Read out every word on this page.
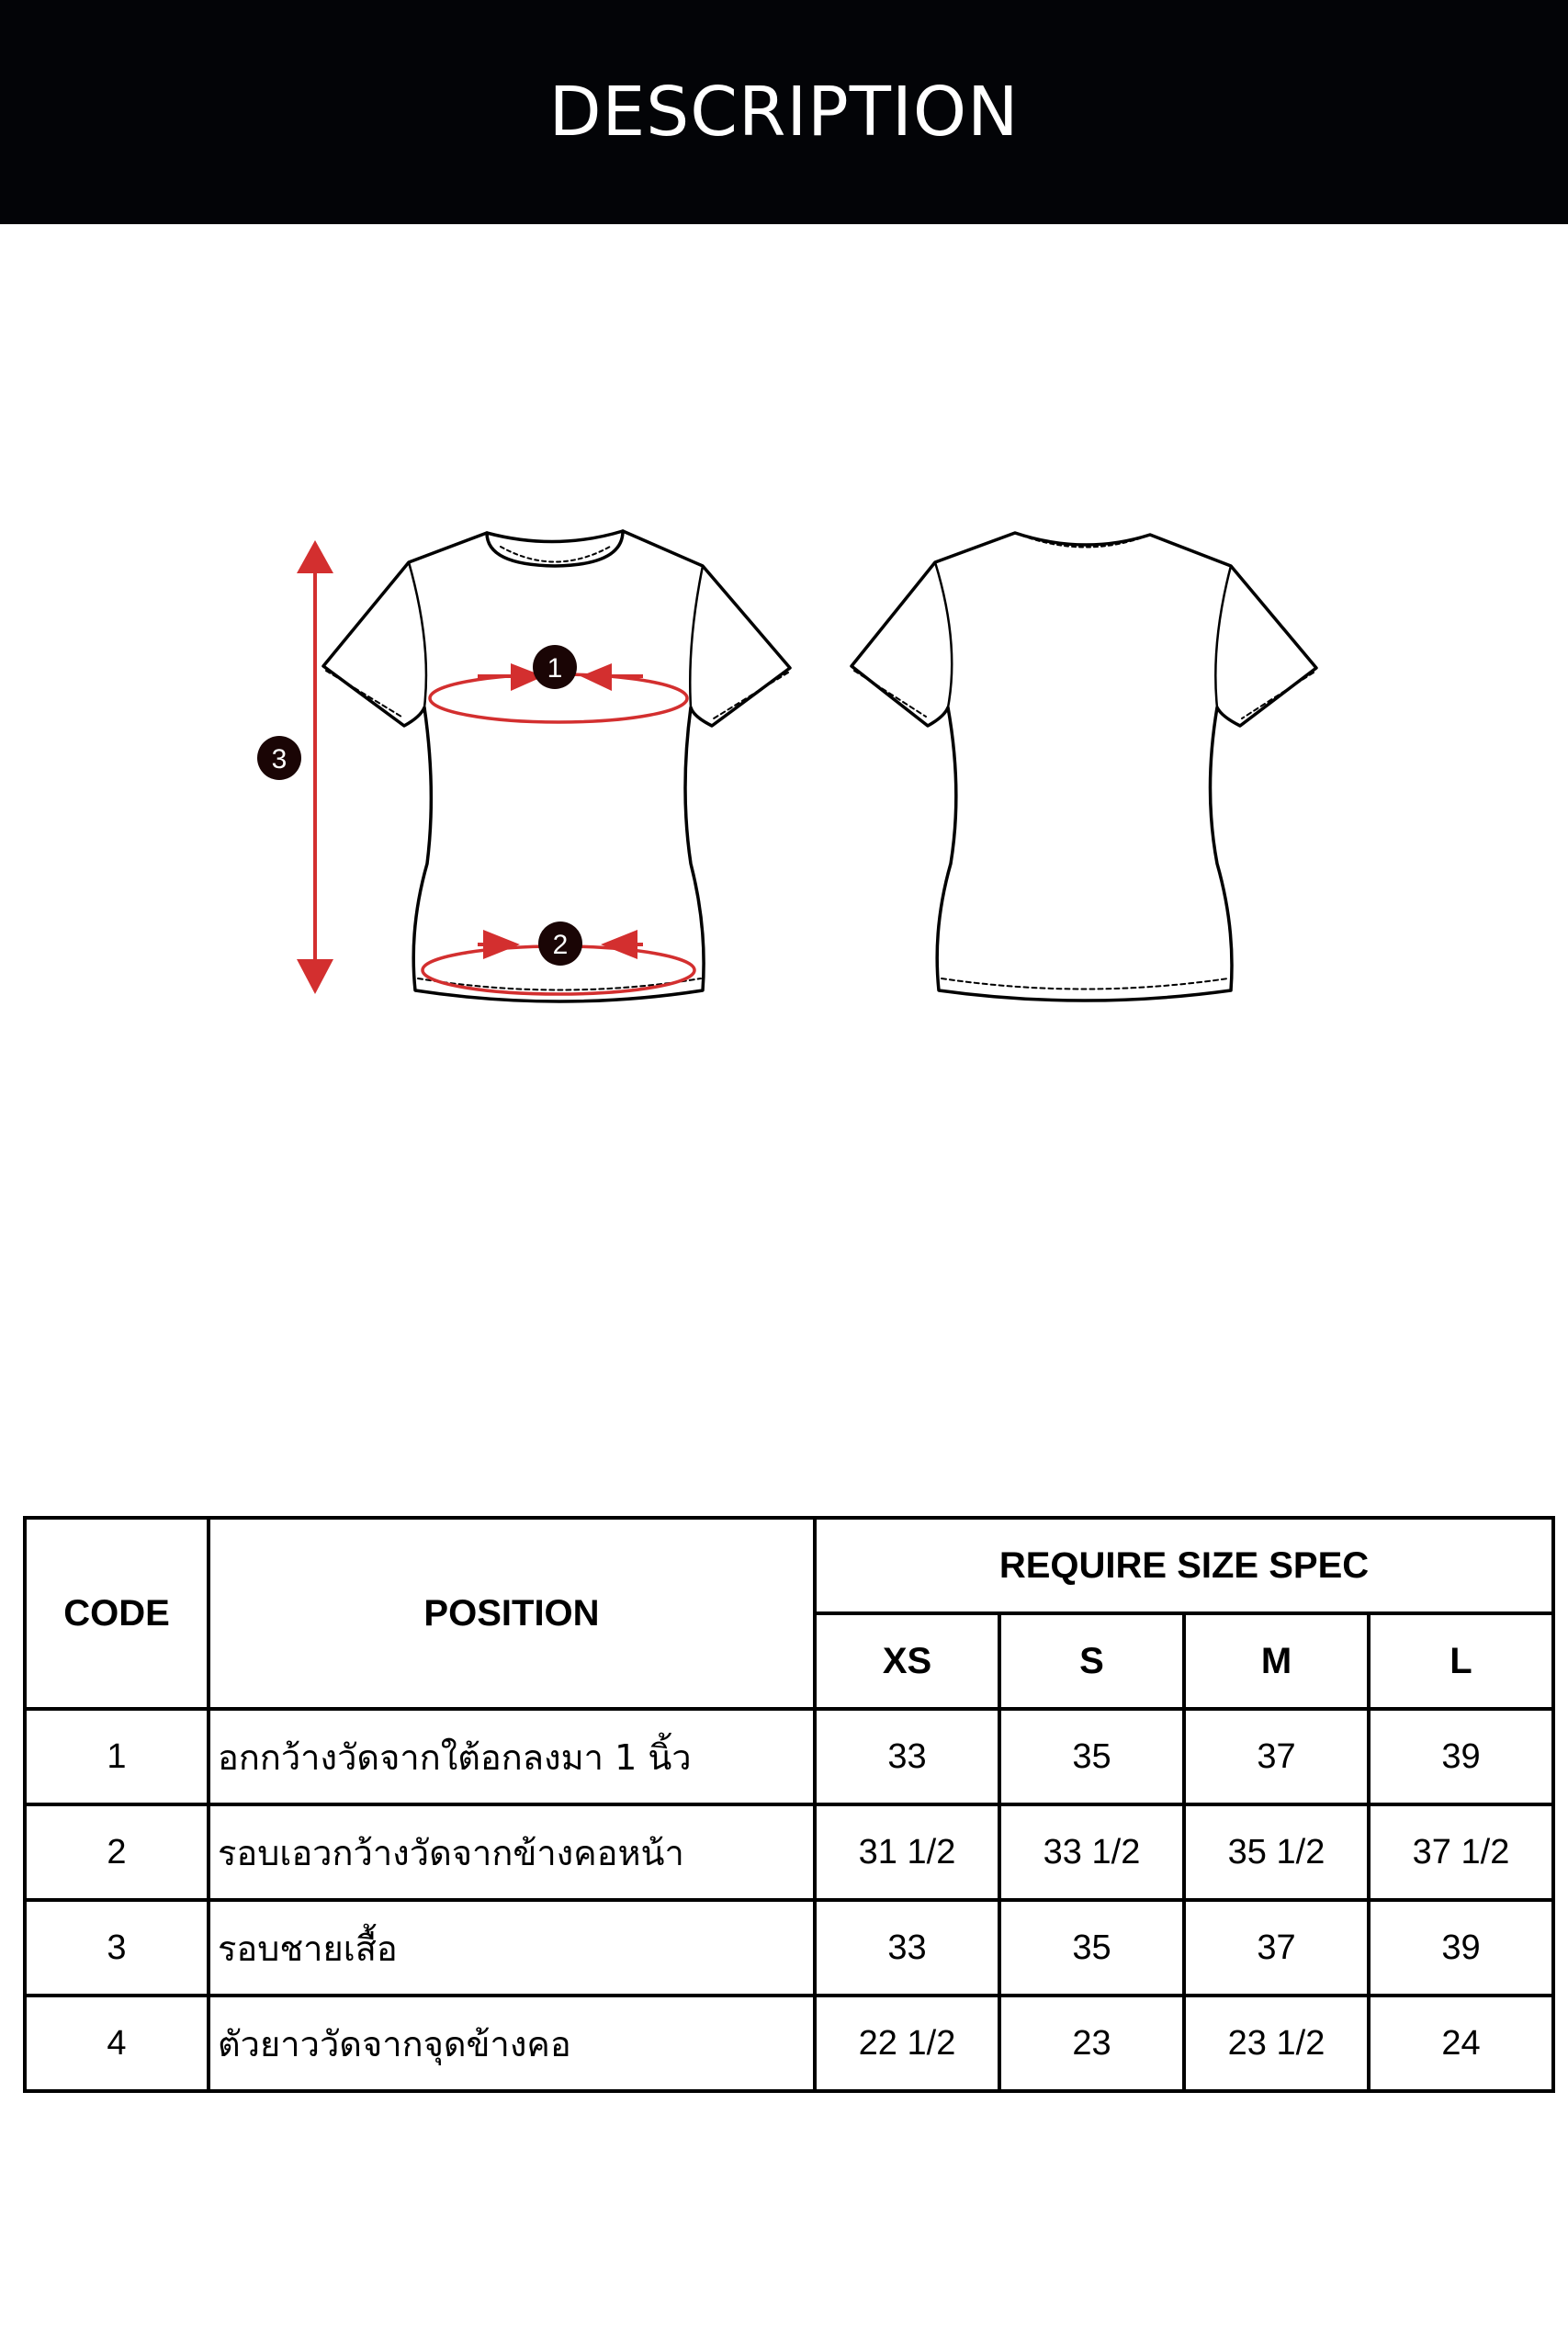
DESCRIPTION
1
2
3
CODE	POSITION	REQUIRE SIZE SPEC			
		XS	S	M	L
1	อกกว้างวัดจากใต้อกลงมา 1 นิ้ว	33	35	37	39
2	รอบเอวกว้างวัดจากข้างคอหน้า	31 1/2	33 1/2	35 1/2	37 1/2
3	รอบชายเสื้อ	33	35	37	39
4	ตัวยาววัดจากจุดข้างคอ	22 1/2	23	23 1/2	24
